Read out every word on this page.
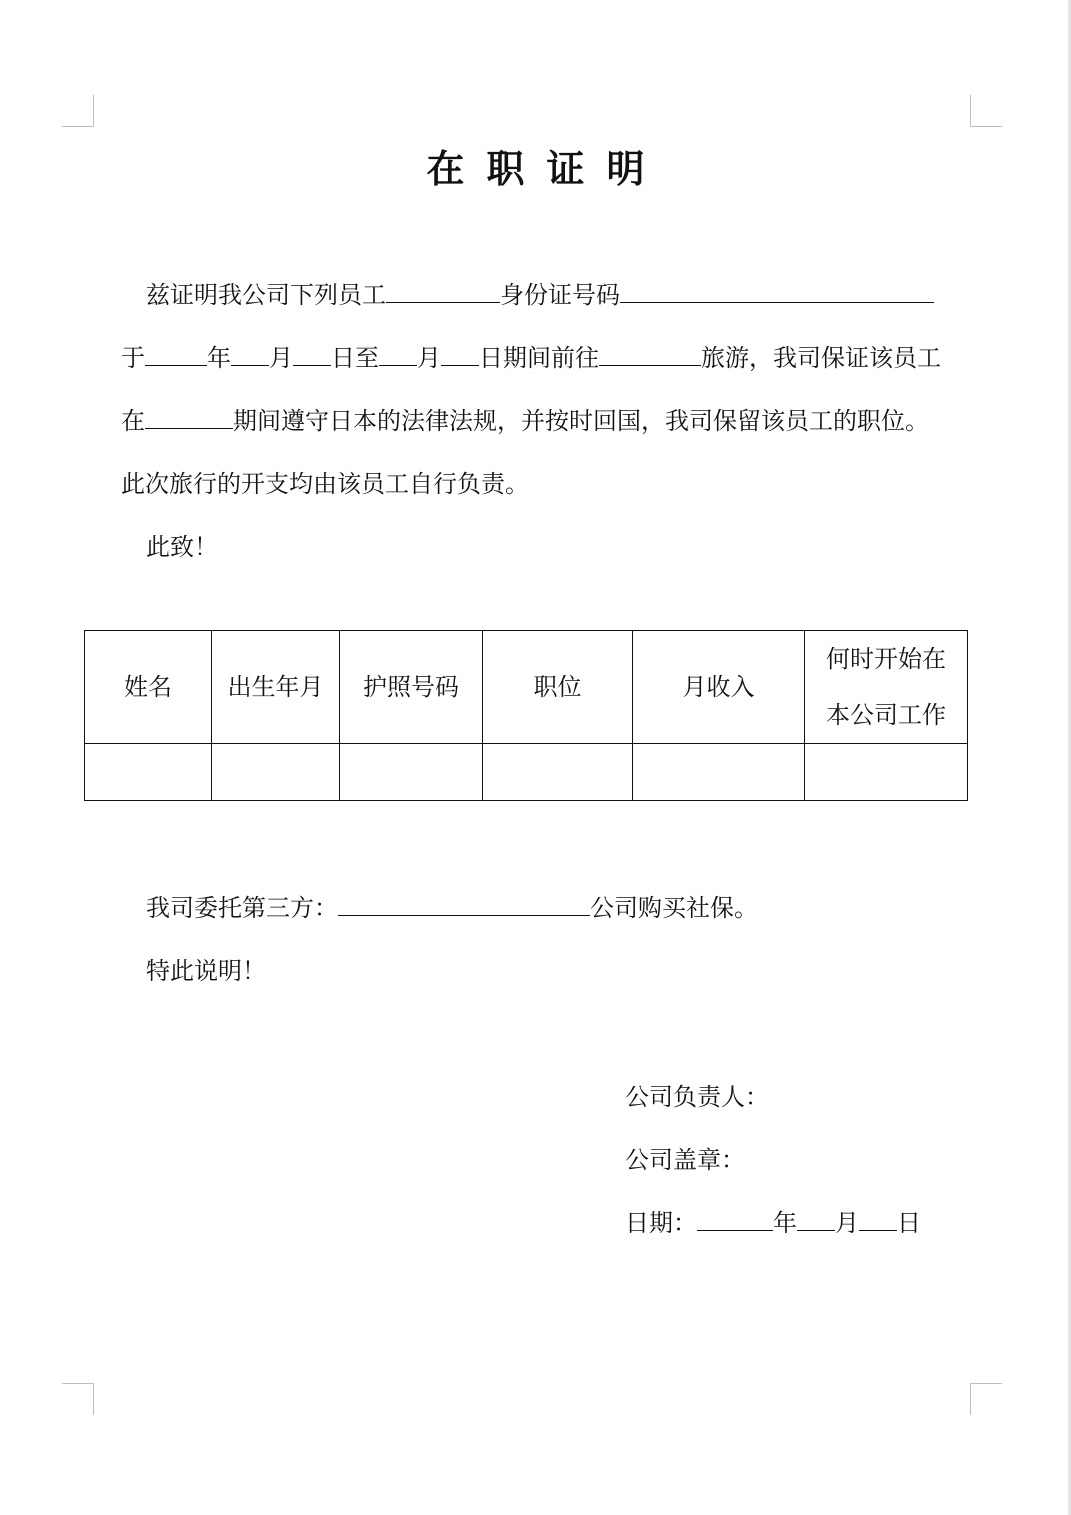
在职证明
兹证明我公司下列员工	身份证号码
于	年 月 日至 月 日期间前往	旅游，我司保证该员工
在	期间遵守日本的法律法规，并按时回国，我司保留该员工的职位。
此次旅行的开支均由该员工自行负责。
此致！
姓名	出生年月	护照号码	职位	月收入	何时开始在
本公司工作

我司委托第三方：	公司购买社保。
特此说明！
公司负责人：
公司盖章：
日期：	年 月 日
